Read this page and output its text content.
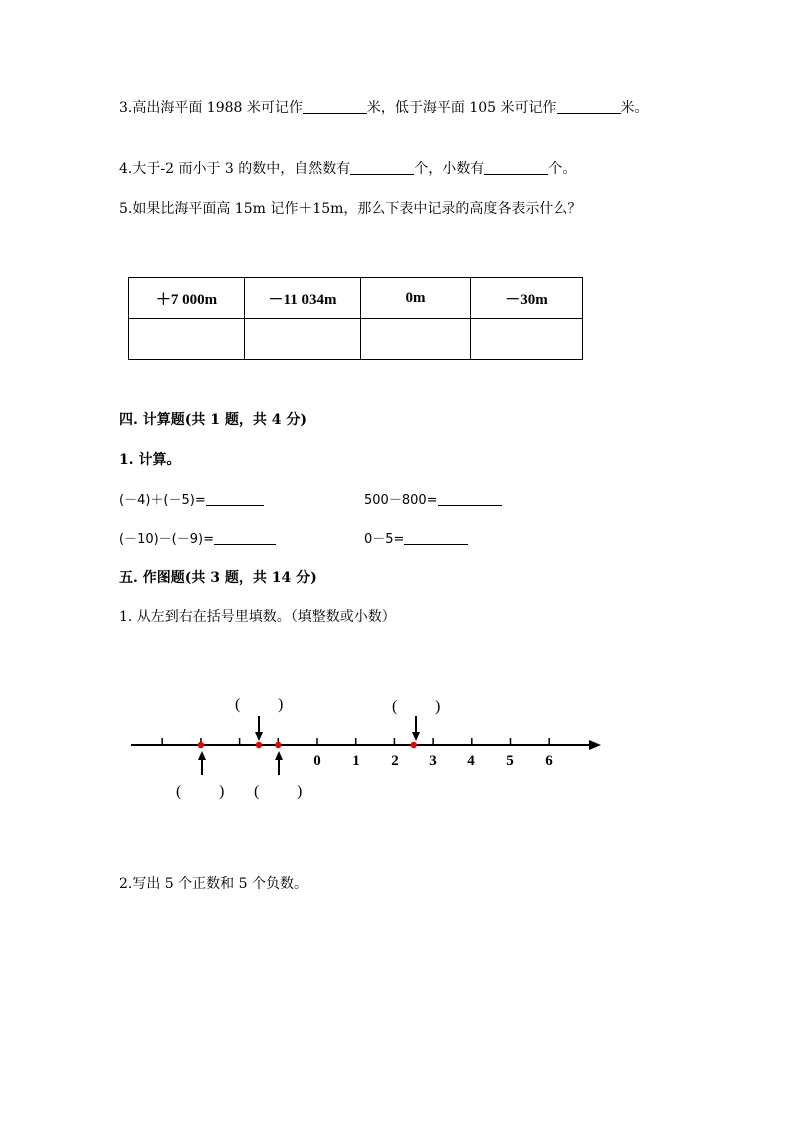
3.高出海平面 1988 米可记作	米，低于海平面 105 米可记作	米。
4.大于-2 而小于 3 的数中，自然数有	个，小数有	个。
5.如果比海平面高 15m 记作＋15m，那么下表中记录的高度各表示什么？
＋7 000m	－11 034m	0m	－30m

四. 计算题(共 1 题，共 4 分)
1. 计算。
(－4)＋(－5)=	500－800=
(－10)－(－9)=	0－5=
五. 作图题(共 3 题，共 14 分)
1. 从左到右在括号里填数。（填整数或小数）
0 1 2 3 4 5 6
( )	( )
( ) ( )
2.写出 5 个正数和 5 个负数。
